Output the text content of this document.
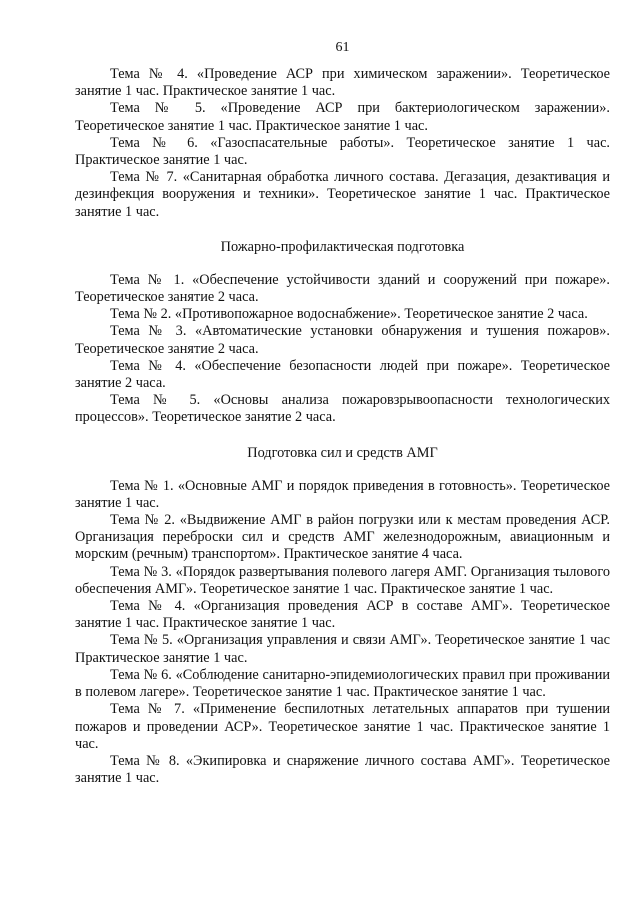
61

Тема № 4. «Проведение АСР при химическом заражении». Теоретическое занятие 1 час. Практическое занятие 1 час.

Тема № 5. «Проведение АСР при бактериологическом заражении». Теоретическое занятие 1 час. Практическое занятие 1 час.

Тема № 6. «Газоспасательные работы». Теоретическое занятие 1 час. Практическое занятие 1 час.

Тема № 7. «Санитарная обработка личного состава. Дегазация, дезактивация и дезинфекция вооружения и техники». Теоретическое занятие 1 час. Практическое занятие 1 час.

Пожарно-профилактическая подготовка

Тема № 1. «Обеспечение устойчивости зданий и сооружений при пожаре». Теоретическое занятие 2 часа.

Тема № 2. «Противопожарное водоснабжение». Теоретическое занятие 2 часа.

Тема № 3. «Автоматические установки обнаружения и тушения пожаров». Теоретическое занятие 2 часа.

Тема № 4. «Обеспечение безопасности людей при пожаре». Теоретическое занятие 2 часа.

Тема № 5. «Основы анализа пожаровзрывоопасности технологических процессов». Теоретическое занятие 2 часа.

Подготовка сил и средств АМГ

Тема № 1. «Основные АМГ и порядок приведения в готовность». Теоретическое занятие 1 час.

Тема № 2. «Выдвижение АМГ в район погрузки или к местам проведения АСР. Организация переброски сил и средств АМГ железнодорожным, авиационным и морским (речным) транспортом». Практическое занятие 4 часа.

Тема № 3. «Порядок развертывания полевого лагеря АМГ. Организация тылового обеспечения АМГ». Теоретическое занятие 1 час. Практическое занятие 1 час.

Тема № 4. «Организация проведения АСР в составе АМГ». Теоретическое занятие 1 час. Практическое занятие 1 час.

Тема № 5. «Организация управления и связи АМГ». Теоретическое занятие 1 час Практическое занятие 1 час.

Тема № 6. «Соблюдение санитарно-эпидемиологических правил при проживании в полевом лагере». Теоретическое занятие 1 час. Практическое занятие 1 час.

Тема № 7. «Применение беспилотных летательных аппаратов при тушении пожаров и проведении АСР». Теоретическое занятие 1 час. Практическое занятие 1 час.

Тема № 8. «Экипировка и снаряжение личного состава АМГ». Теоретическое занятие 1 час.
